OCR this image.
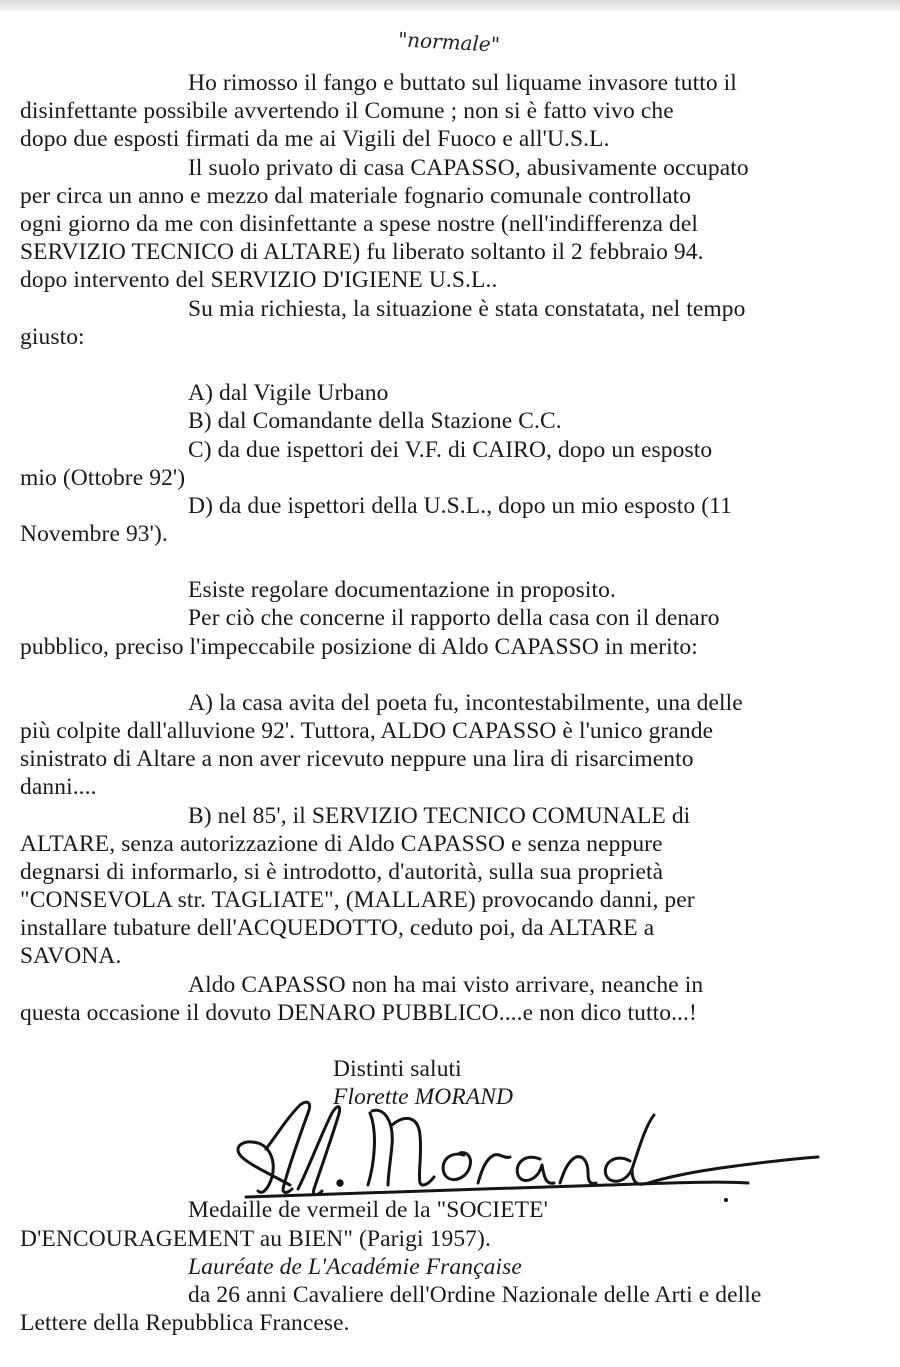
"normale"
Ho rimosso il fango e buttato sul liquame invasore tutto il
disinfettante possibile avvertendo il Comune ; non si è fatto vivo che
dopo due esposti firmati da me ai Vigili del Fuoco e all'U.S.L.
Il suolo privato di casa CAPASSO, abusivamente occupato
per circa un anno e mezzo dal materiale fognario comunale controllato
ogni giorno da me con disinfettante a spese nostre (nell'indifferenza del
SERVIZIO TECNICO di ALTARE) fu liberato soltanto il 2 febbraio 94.
dopo intervento del SERVIZIO D'IGIENE U.S.L..
Su mia richiesta, la situazione è stata constatata, nel tempo
giusto:
A) dal Vigile Urbano
B) dal Comandante della Stazione C.C.
C) da due ispettori dei V.F. di CAIRO, dopo un esposto
mio (Ottobre 92')
D) da due ispettori della U.S.L., dopo un mio esposto (11
Novembre 93').
Esiste regolare documentazione in proposito.
Per ciò che concerne il rapporto della casa con il denaro
pubblico, preciso l'impeccabile posizione di Aldo CAPASSO in merito:
A) la casa avita del poeta fu, incontestabilmente, una delle
più colpite dall'alluvione 92'. Tuttora, ALDO CAPASSO è l'unico grande
sinistrato di Altare a non aver ricevuto neppure una lira di risarcimento
danni....
B) nel 85', il SERVIZIO TECNICO COMUNALE di
ALTARE, senza autorizzazione di Aldo CAPASSO e senza neppure
degnarsi di informarlo, si è introdotto, d'autorità, sulla sua proprietà
"CONSEVOLA str. TAGLIATE", (MALLARE) provocando danni, per
installare tubature dell'ACQUEDOTTO, ceduto poi, da ALTARE a
SAVONA.
Aldo CAPASSO non ha mai visto arrivare, neanche in
questa occasione il dovuto DENARO PUBBLICO....e non dico tutto...!
Distinti saluti
Florette MORAND
Medaille de vermeil de la "SOCIETE'
D'ENCOURAGEMENT au BIEN" (Parigi 1957).
Lauréate de L'Académie Française
da 26 anni Cavaliere dell'Ordine Nazionale delle Arti e delle
Lettere della Repubblica Francese.
